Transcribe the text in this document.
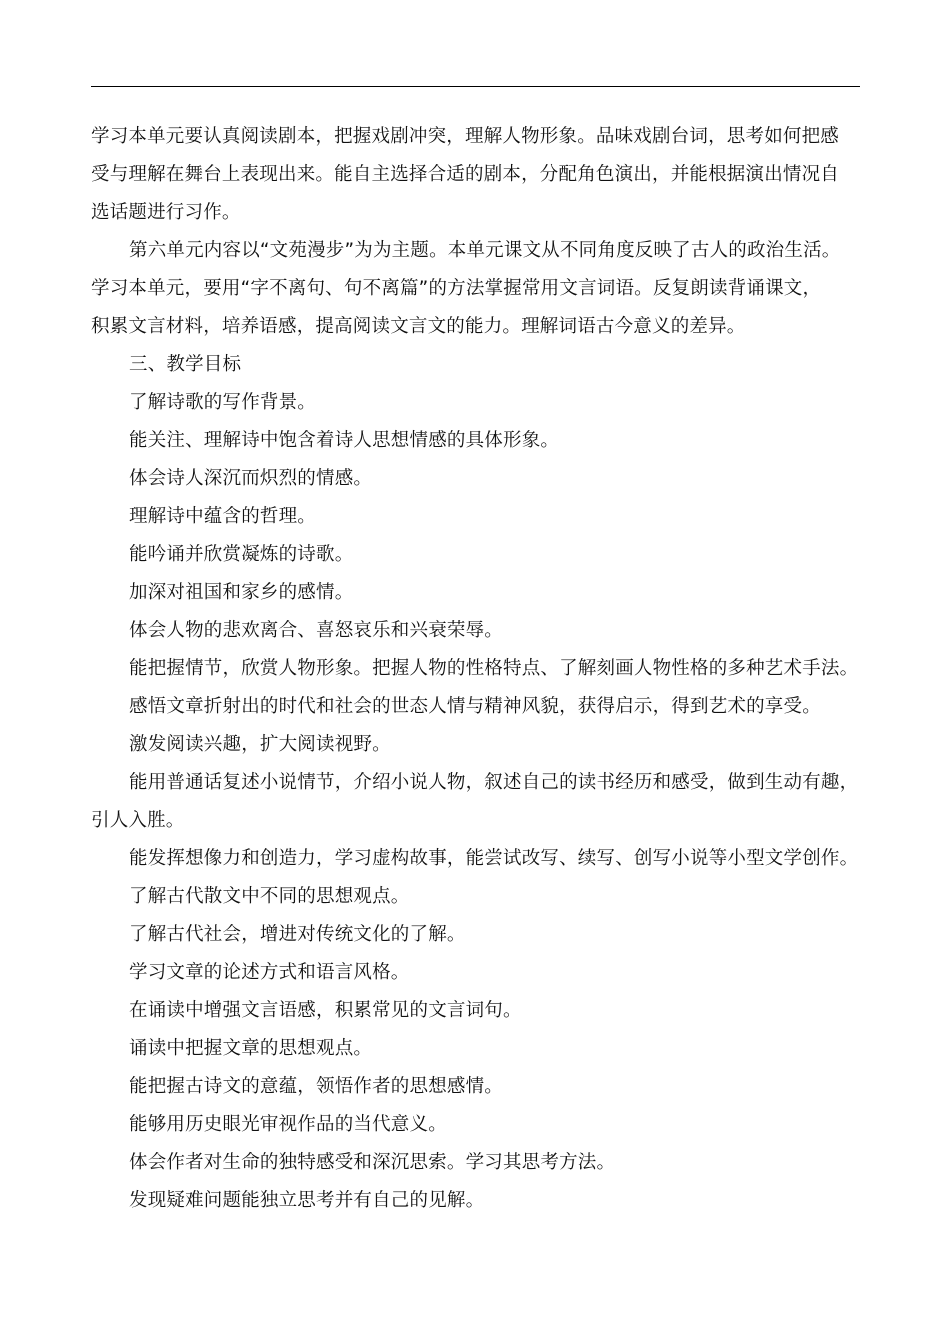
学习本单元要认真阅读剧本，把握戏剧冲突，理解人物形象。品味戏剧台词，思考如何把感
受与理解在舞台上表现出来。能自主选择合适的剧本，分配角色演出，并能根据演出情况自
选话题进行习作。
第六单元内容以“文苑漫步”为为主题。本单元课文从不同角度反映了古人的政治生活。
学习本单元，要用“字不离句、句不离篇”的方法掌握常用文言词语。反复朗读背诵课文，
积累文言材料，培养语感，提高阅读文言文的能力。理解词语古今意义的差异。
三、教学目标
了解诗歌的写作背景。
能关注、理解诗中饱含着诗人思想情感的具体形象。
体会诗人深沉而炽烈的情感。
理解诗中蕴含的哲理。
能吟诵并欣赏凝炼的诗歌。
加深对祖国和家乡的感情。
体会人物的悲欢离合、喜怒哀乐和兴衰荣辱。
能把握情节，欣赏人物形象。把握人物的性格特点、了解刻画人物性格的多种艺术手法。
感悟文章折射出的时代和社会的世态人情与精神风貌，获得启示，得到艺术的享受。
激发阅读兴趣，扩大阅读视野。
能用普通话复述小说情节，介绍小说人物，叙述自己的读书经历和感受，做到生动有趣，
引人入胜。
能发挥想像力和创造力，学习虚构故事，能尝试改写、续写、创写小说等小型文学创作。
了解古代散文中不同的思想观点。
了解古代社会，增进对传统文化的了解。
学习文章的论述方式和语言风格。
在诵读中增强文言语感，积累常见的文言词句。
诵读中把握文章的思想观点。
能把握古诗文的意蕴，领悟作者的思想感情。
能够用历史眼光审视作品的当代意义。
体会作者对生命的独特感受和深沉思索。学习其思考方法。
发现疑难问题能独立思考并有自己的见解。
